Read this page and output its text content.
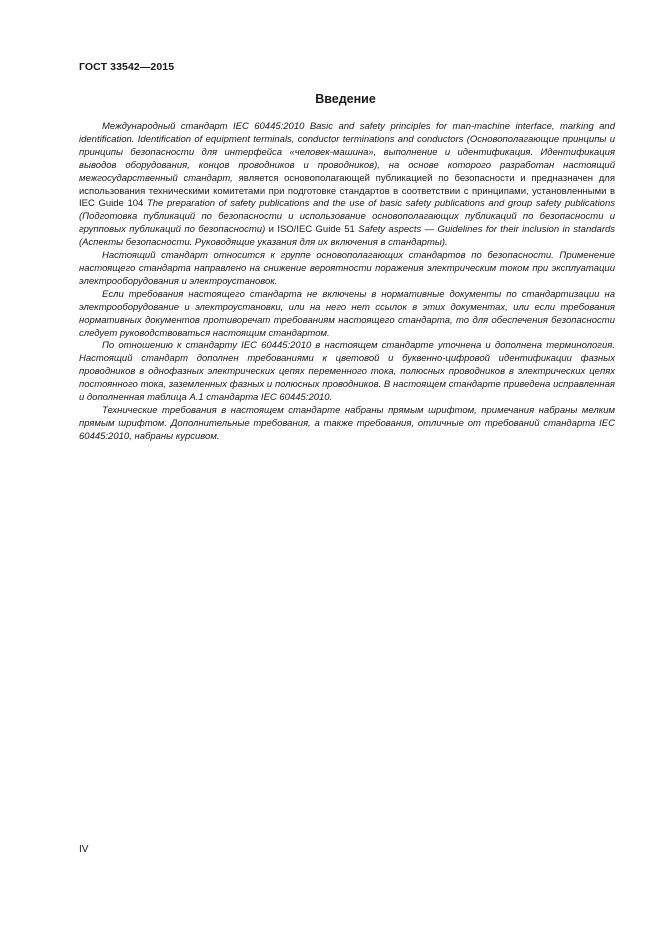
ГОСТ 33542—2015
Введение

Международный стандарт IEC 60445:2010 Basic and safety principles for man-machine interface, marking and identification. Identification of equipment terminals, conductor terminations and conductors (Основополагающие принципы и принципы безопасности для интерфейса «человек-машина», выполнение и идентификация. Идентификация выводов оборудования, концов проводников и проводников), на основе которого разработан настоящий межгосударственный стандарт, является основополагающей публикацией по безопасности и предназначен для использования техническими комитетами при подготовке стандартов в соответствии с принципами, установленными в IEC Guide 104 The preparation of safety publications and the use of basic safety publications and group safety publications (Подготовка публикаций по безопасности и использование основополагающих публикаций по безопасности и групповых публикаций по безопасности) и ISO/IEC Guide 51 Safety aspects — Guidelines for their inclusion in standards (Аспекты безопасности. Руководящие указания для их включения в стандарты).

Настоящий стандарт относится к группе основополагающих стандартов по безопасности. Применение настоящего стандарта направлено на снижение вероятности поражения электрическим током при эксплуатации электрооборудования и электроустановок.

Если требования настоящего стандарта не включены в нормативные документы по стандартизации на электрооборудование и электроустановки, или на него нет ссылок в этих документах, или если требования нормативных документов противоречат требованиям настоящего стандарта, то для обеспечения безопасности следует руководствоваться настоящим стандартом.

По отношению к стандарту IEC 60445:2010 в настоящем стандарте уточнена и дополнена терминология. Настоящий стандарт дополнен требованиями к цветовой и буквенно-цифровой идентификации фазных проводников в однофазных электрических цепях переменного тока, полюсных проводников в электрических цепях постоянного тока, заземленных фазных и полюсных проводников. В настоящем стандарте приведена исправленная и дополненная таблица А.1 стандарта IEC 60445:2010.

Технические требования в настоящем стандарте набраны прямым шрифтом, примечания набраны мелким прямым шрифтом. Дополнительные требования, а также требования, отличные от требований стандарта IEC 60445:2010, набраны курсивом.

IV
